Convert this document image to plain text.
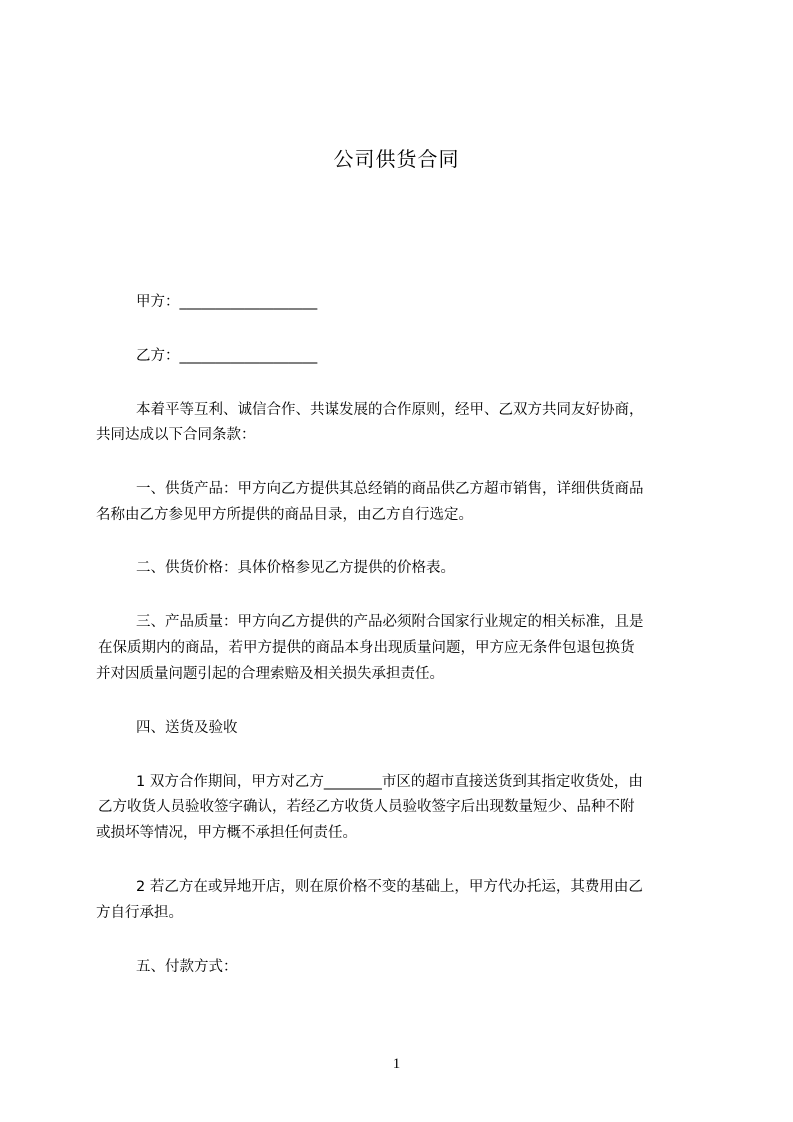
公司供货合同
甲方：___________________
乙方：___________________
本着平等互利、诚信合作、共谋发展的合作原则，经甲、乙双方共同友好协商，
共同达成以下合同条款：
一、供货产品：甲方向乙方提供其总经销的商品供乙方超市销售，详细供货商品
名称由乙方参见甲方所提供的商品目录，由乙方自行选定。
二、供货价格：具体价格参见乙方提供的价格表。
三、产品质量：甲方向乙方提供的产品必须附合国家行业规定的相关标准，且是
在保质期内的商品，若甲方提供的商品本身出现质量问题，甲方应无条件包退包换货
并对因质量问题引起的合理索赔及相关损失承担责任。
四、送货及验收
1 双方合作期间，甲方对乙方________市区的超市直接送货到其指定收货处，由
乙方收货人员验收签字确认，若经乙方收货人员验收签字后出现数量短少、品种不附
或损坏等情况，甲方概不承担任何责任。
2 若乙方在或异地开店，则在原价格不变的基础上，甲方代办托运，其费用由乙
方自行承担。
五、付款方式：
1
